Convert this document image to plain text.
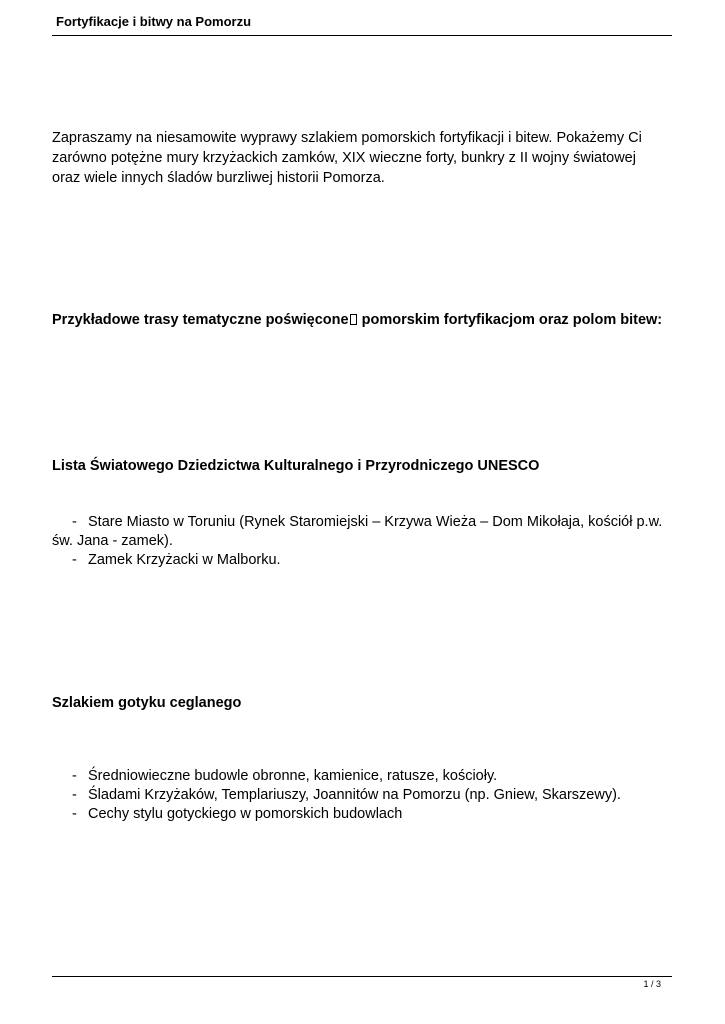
Fortyfikacje i bitwy na Pomorzu

Zapraszamy na niesamowite wyprawy szlakiem pomorskich fortyfikacji i bitew. Pokażemy Ci zarówno potężne mury krzyżackich zamków, XIX wieczne forty, bunkry z II wojny światowej oraz wiele innych śladów burzliwej historii Pomorza.

Przykładowe trasy tematyczne poświęcone pomorskim fortyfikacjom oraz polom bitew:
Lista Światowego Dziedzictwa Kulturalnego i Przyrodniczego UNESCO
- Stare Miasto w Toruniu (Rynek Staromiejski – Krzywa Wieża – Dom Mikołaja, kościół p.w. św. Jana - zamek).
- Zamek Krzyżacki w Malborku.
Szlakiem gotyku ceglanego
- Średniowieczne budowle obronne, kamienice, ratusze, kościoły.
- Śladami Krzyżaków, Templariuszy, Joannitów na Pomorzu (np. Gniew, Skarszewy).
- Cechy stylu gotyckiego w pomorskich budowlach
1 / 3
